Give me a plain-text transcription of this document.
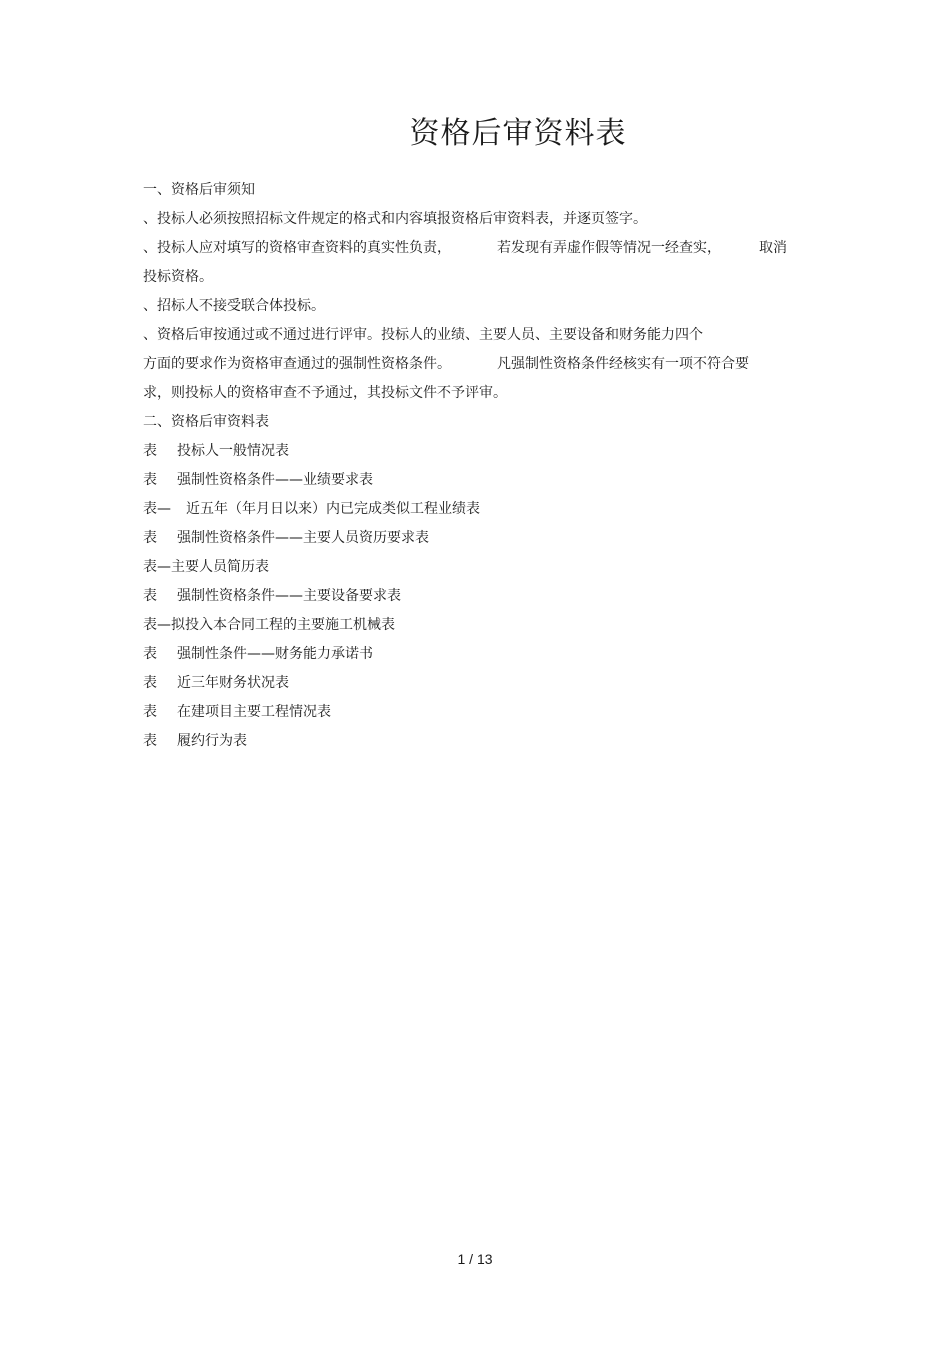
资格后审资料表
一、资格后审须知
、投标人必须按照招标文件规定的格式和内容填报资格后审资料表，并逐页签字。
、投标人应对填写的资格审查资料的真实性负责，	若发现有弄虚作假等情况一经查实，	取消
投标资格。
、招标人不接受联合体投标。
、资格后审按通过或不通过进行评审。投标人的业绩、主要人员、主要设备和财务能力四个
方面的要求作为资格审查通过的强制性资格条件。	凡强制性资格条件经核实有一项不符合要
求，则投标人的资格审查不予通过，其投标文件不予评审。
二、资格后审资料表
表 投标人一般情况表
表 强制性资格条件——业绩要求表
表— 近五年（年月日以来）内已完成类似工程业绩表
表 强制性资格条件——主要人员资历要求表
表—主要人员简历表
表 强制性资格条件——主要设备要求表
表—拟投入本合同工程的主要施工机械表
表 强制性条件——财务能力承诺书
表 近三年财务状况表
表 在建项目主要工程情况表
表 履约行为表
1 / 13
